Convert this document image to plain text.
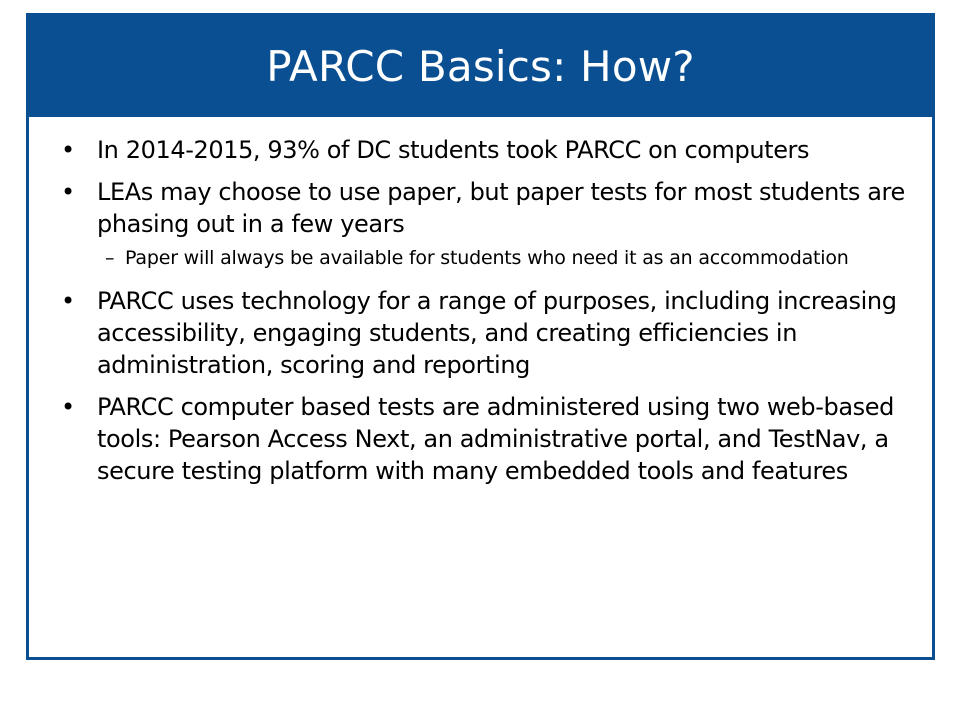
PARCC Basics: How?
• In 2014-2015, 93% of DC students took PARCC on computers
• LEAs may choose to use paper, but paper tests for most students are phasing out in a few years
– Paper will always be available for students who need it as an accommodation
• PARCC uses technology for a range of purposes, including increasing accessibility, engaging students, and creating efficiencies in administration, scoring and reporting
• PARCC computer based tests are administered using two web-based tools: Pearson Access Next, an administrative portal, and TestNav, a secure testing platform with many embedded tools and features
